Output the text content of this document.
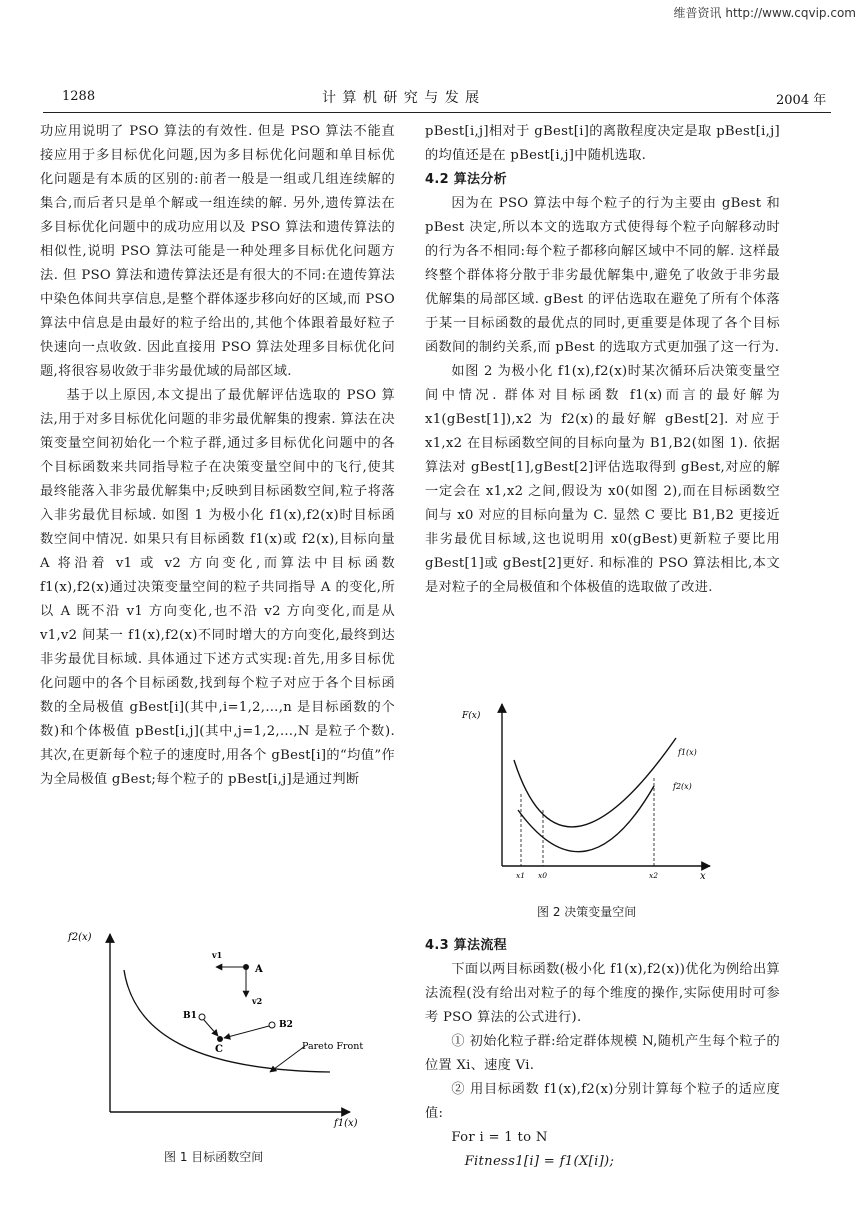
维普资讯 http://www.cqvip.com
1288	计 算 机 研 究 与 发 展	2004 年

功应用说明了 PSO 算法的有效性. 但是 PSO 算法不能直接应用于多目标优化问题,因为多目标优化问题和单目标优化问题是有本质的区别的:前者一般是一组或几组连续解的集合,而后者只是单个解或一组连续的解. 另外,遗传算法在多目标优化问题中的成功应用以及 PSO 算法和遗传算法的相似性,说明 PSO 算法可能是一种处理多目标优化问题方法. 但 PSO 算法和遗传算法还是有很大的不同:在遗传算法中染色体间共享信息,是整个群体逐步移向好的区域,而 PSO 算法中信息是由最好的粒子给出的,其他个体跟着最好粒子快速向一点收敛. 因此直接用 PSO 算法处理多目标优化问题,将很容易收敛于非劣最优域的局部区域.

基于以上原因,本文提出了最优解评估选取的 PSO 算法,用于对多目标优化问题的非劣最优解集的搜索. 算法在决策变量空间初始化一个粒子群,通过多目标优化问题中的各个目标函数来共同指导粒子在决策变量空间中的飞行,使其最终能落入非劣最优解集中;反映到目标函数空间,粒子将落入非劣最优目标域. 如图 1 为极小化 f1(x),f2(x)时目标函数空间中情况. 如果只有目标函数 f1(x)或 f2(x),目标向量 A 将沿着 v1 或 v2 方向变化,而算法中目标函数 f1(x),f2(x)通过决策变量空间的粒子共同指导 A 的变化,所以 A 既不沿 v1 方向变化,也不沿 v2 方向变化,而是从 v1,v2 间某一 f1(x),f2(x)不同时增大的方向变化,最终到达非劣最优目标域. 具体通过下述方式实现:首先,用多目标优化问题中的各个目标函数,找到每个粒子对应于各个目标函数的全局极值 gBest[i](其中,i=1,2,…,n 是目标函数的个数)和个体极值 pBest[i,j](其中,j=1,2,…,N 是粒子个数). 其次,在更新每个粒子的速度时,用各个 gBest[i]的“均值”作为全局极值 gBest;每个粒子的 pBest[i,j]是通过判断

f2(x)
f1(x)
Pareto Front
A
v1
v2
B1
B2
C
图 1 目标函数空间

pBest[i,j]相对于 gBest[i]的离散程度决定是取 pBest[i,j]的均值还是在 pBest[i,j]中随机选取.

4.2 算法分析

因为在 PSO 算法中每个粒子的行为主要由 gBest 和 pBest 决定,所以本文的选取方式使得每个粒子向解移动时的行为各不相同:每个粒子都移向解区域中不同的解. 这样最终整个群体将分散于非劣最优解集中,避免了收敛于非劣最优解集的局部区域. gBest 的评估选取在避免了所有个体落于某一目标函数的最优点的同时,更重要是体现了各个目标函数间的制约关系,而 pBest 的选取方式更加强了这一行为.

如图 2 为极小化 f1(x),f2(x)时某次循环后决策变量空间中情况. 群体对目标函数 f1(x)而言的最好解为 x1(gBest[1]),x2 为 f2(x)的最好解 gBest[2]. 对应于 x1,x2 在目标函数空间的目标向量为 B1,B2(如图 1). 依据算法对 gBest[1],gBest[2]评估选取得到 gBest,对应的解一定会在 x1,x2 之间,假设为 x0(如图 2),而在目标函数空间与 x0 对应的目标向量为 C. 显然 C 要比 B1,B2 更接近非劣最优目标域,这也说明用 x0(gBest)更新粒子要比用 gBest[1]或 gBest[2]更好. 和标准的 PSO 算法相比,本文是对粒子的全局极值和个体极值的选取做了改进.

F(x)
x
f1(x)
f2(x)
x1 x0	x2
图 2 决策变量空间
4.3 算法流程

下面以两目标函数(极小化 f1(x),f2(x))优化为例给出算法流程(没有给出对粒子的每个维度的操作,实际使用时可参考 PSO 算法的公式进行).

① 初始化粒子群:给定群体规模 N,随机产生每个粒子的位置 Xi、速度 Vi.

② 用目标函数 f1(x),f2(x)分别计算每个粒子的适应度值:

For i = 1 to N

Fitness1[i] = f1(X[i]);
